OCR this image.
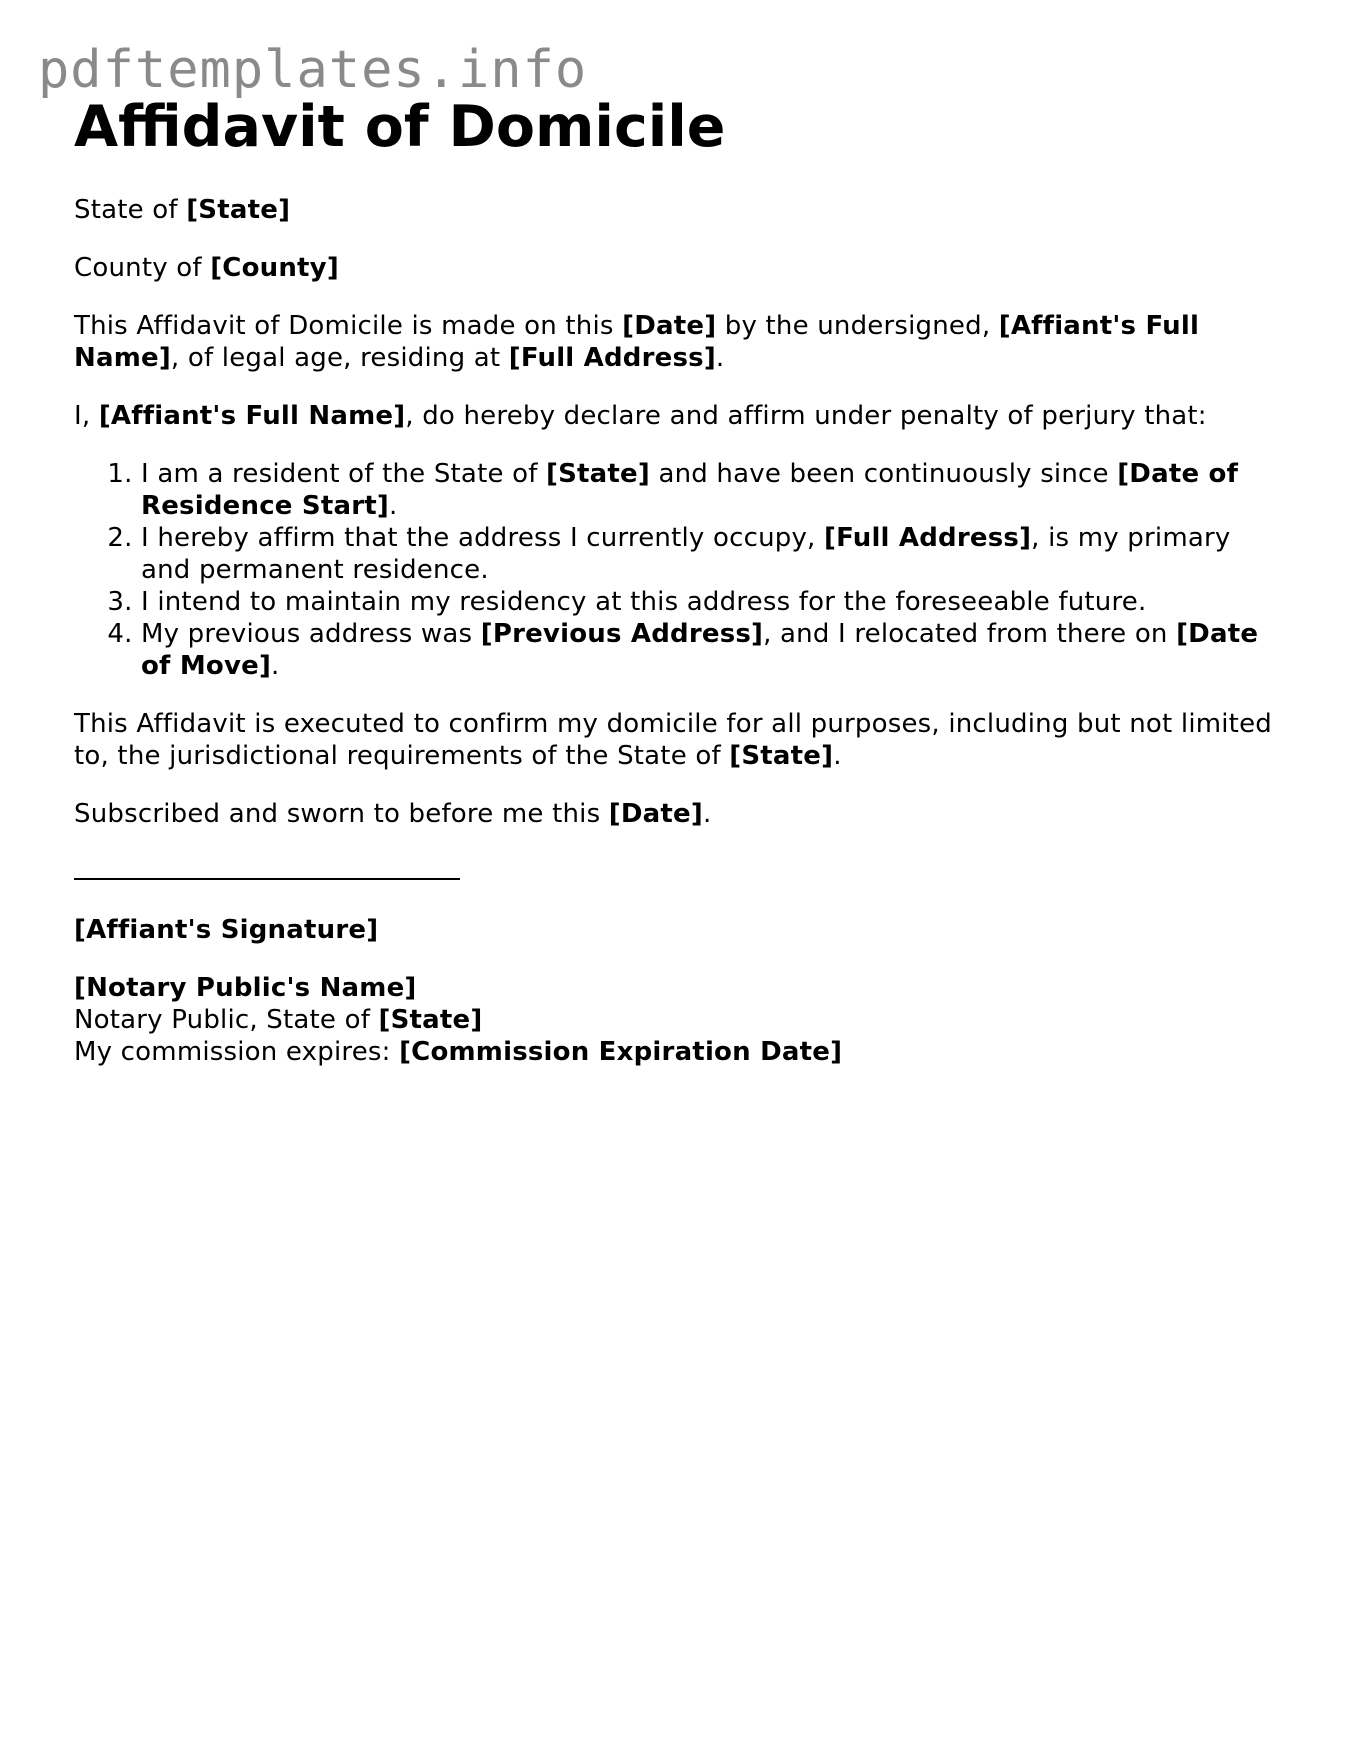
pdftemplates.info
Affidavit of Domicile

State of [State]

County of [County]

This Affidavit of Domicile is made on this [Date] by the undersigned, [Affiant's Full Name], of legal age, residing at [Full Address].

I, [Affiant's Full Name], do hereby declare and affirm under penalty of perjury that:

1. I am a resident of the State of [State] and have been continuously since [Date of Residence Start].
2. I hereby affirm that the address I currently occupy, [Full Address], is my primary and permanent residence.
3. I intend to maintain my residency at this address for the foreseeable future.
4. My previous address was [Previous Address], and I relocated from there on [Date of Move].

This Affidavit is executed to confirm my domicile for all purposes, including but not limited to, the jurisdictional requirements of the State of [State].

Subscribed and sworn to before me this [Date].

[Affiant's Signature]

[Notary Public's Name]

Notary Public, State of [State]

My commission expires: [Commission Expiration Date]
